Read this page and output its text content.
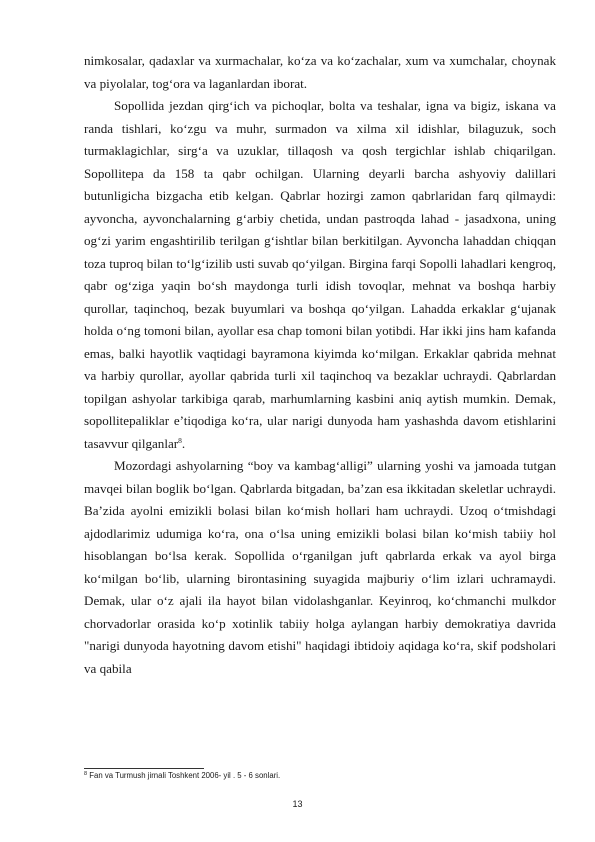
nimkosalar, qadaxlar va xurmachalar, ko‘za va ko‘zachalar, xum va xumchalar, choynak va piyolalar, tog‘ora va laganlardan iborat.

Sopollida jezdan qirg‘ich va pichoqlar, bolta va teshalar, igna va bigiz, iskana va randa tishlari, ko‘zgu va muhr, surmadon va xilma xil idishlar, bilaguzuk, soch turmaklagichlar, sirg‘a va uzuklar, tillaqosh va qosh tergichlar ishlab chiqarilgan. Sopollitepa da 158 ta qabr ochilgan. Ularning deyarli barcha ashyoviy dalillari butunligicha bizgacha etib kelgan. Qabrlar hozirgi zamon qabrlaridan farq qilmaydi: ayvoncha, ayvonchalarning g‘arbiy chetida, undan pastroqda lahad - jasadxona, uning og‘zi yarim engashtirilib terilgan g‘ishtlar bilan berkitilgan. Ayvoncha lahaddan chiqqan toza tuproq bilan to‘lg‘izilib usti suvab qo‘yilgan. Birgina farqi Sopolli lahadlari kengroq, qabr og‘ziga yaqin bo‘sh maydonga turli idish tovoqlar, mehnat va boshqa harbiy qurollar, taqinchoq, bezak buyumlari va boshqa qo‘yilgan. Lahadda erkaklar g‘ujanak holda o‘ng tomoni bilan, ayollar esa chap tomoni bilan yotibdi. Har ikki jins ham kafanda emas, balki hayotlik vaqtidagi bayramona kiyimda ko‘milgan. Erkaklar qabrida mehnat va harbiy qurollar, ayollar qabrida turli xil taqinchoq va bezaklar uchraydi. Qabrlardan topilgan ashyolar tarkibiga qarab, marhumlarning kasbini aniq aytish mumkin. Demak, sopollitepaliklar e’tiqodiga ko‘ra, ular narigi dunyoda ham yashashda davom etishlarini tasavvur qilganlar$^8$.

Mozordagi ashyolarning “boy va kambag‘alligi” ularning yoshi va jamoada tutgan mavqei bilan boglik bo‘lgan. Qabrlarda bitgadan, ba’zan esa ikkitadan skeletlar uchraydi. Ba’zida ayolni emizikli bolasi bilan ko‘mish hollari ham uchraydi. Uzoq o‘tmishdagi ajdodlarimiz udumiga ko‘ra, ona o‘lsa uning emizikli bolasi bilan ko‘mish tabiiy hol hisoblangan bo‘lsa kerak. Sopollida o‘rganilgan juft qabrlarda erkak va ayol birga ko‘milgan bo‘lib, ularning birontasining suyagida majburiy o‘lim izlari uchramaydi. Demak, ular o‘z ajali ila hayot bilan vidolashganlar. Keyinroq, ko‘chmanchi mulkdor chorvadorlar orasida ko‘p xotinlik tabiiy holga aylangan harbiy demokratiya davrida "narigi dunyoda hayotning davom etishi" haqidagi ibtidoiy aqidaga ko‘ra, skif podsholari va qabila

$^8$ Fan va Turmush jirnali Toshkent 2006- yil . 5 - 6 sonlari.
13
